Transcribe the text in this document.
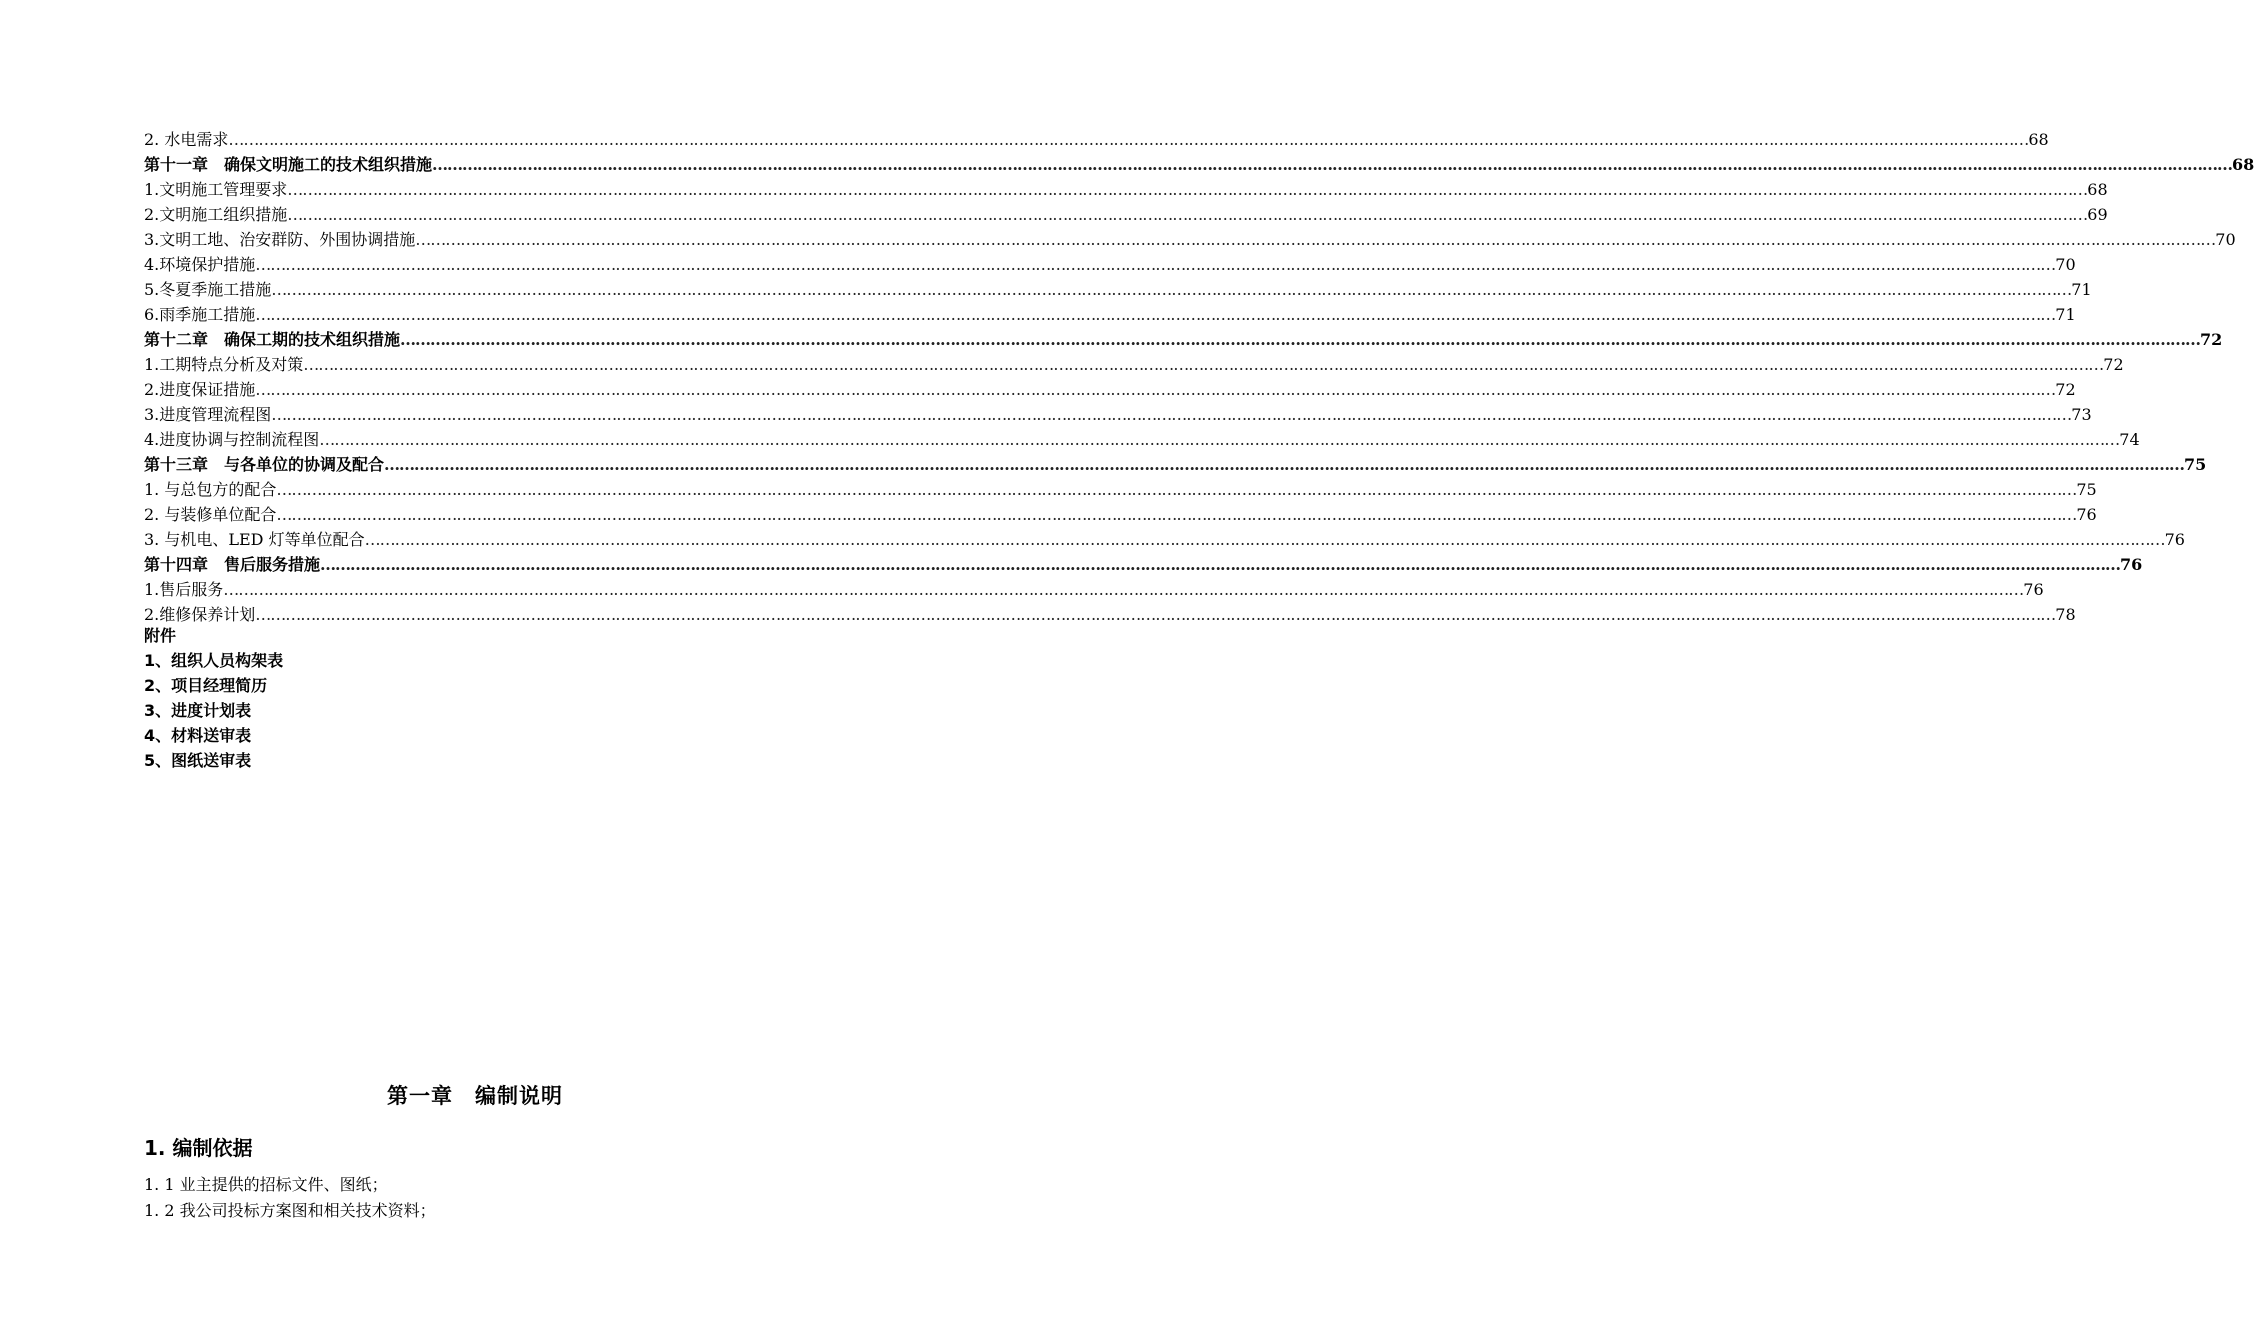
2. 水电需求 ……………………………………………………………………………………………………………………………………………………………………………………………………………………………………………………………………………………………………………………………… 68
第十一章　确保文明施工的技术组织措施 ……………………………………………………………………………………………………………………………………………………………………………………………………………………………………………………………………………………………………………………………… 68
1.文明施工管理要求 ……………………………………………………………………………………………………………………………………………………………………………………………………………………………………………………………………………………………………………………………… 68
2.文明施工组织措施 ……………………………………………………………………………………………………………………………………………………………………………………………………………………………………………………………………………………………………………………………… 69
3.文明工地、治安群防、外围协调措施 ……………………………………………………………………………………………………………………………………………………………………………………………………………………………………………………………………………………………………………………………… 70
4.环境保护措施 ……………………………………………………………………………………………………………………………………………………………………………………………………………………………………………………………………………………………………………………………… 70
5.冬夏季施工措施 ……………………………………………………………………………………………………………………………………………………………………………………………………………………………………………………………………………………………………………………………… 71
6.雨季施工措施 ……………………………………………………………………………………………………………………………………………………………………………………………………………………………………………………………………………………………………………………………… 71
第十二章　确保工期的技术组织措施 ……………………………………………………………………………………………………………………………………………………………………………………………………………………………………………………………………………………………………………………………… 72
1.工期特点分析及对策 ……………………………………………………………………………………………………………………………………………………………………………………………………………………………………………………………………………………………………………………………… 72
2.进度保证措施 ……………………………………………………………………………………………………………………………………………………………………………………………………………………………………………………………………………………………………………………………… 72
3.进度管理流程图 ……………………………………………………………………………………………………………………………………………………………………………………………………………………………………………………………………………………………………………………………… 73
4.进度协调与控制流程图 ……………………………………………………………………………………………………………………………………………………………………………………………………………………………………………………………………………………………………………………………… 74
第十三章　与各单位的协调及配合 ……………………………………………………………………………………………………………………………………………………………………………………………………………………………………………………………………………………………………………………………… 75
1. 与总包方的配合 ……………………………………………………………………………………………………………………………………………………………………………………………………………………………………………………………………………………………………………………………… 75
2. 与装修单位配合 ……………………………………………………………………………………………………………………………………………………………………………………………………………………………………………………………………………………………………………………………… 76
3. 与机电、LED 灯等单位配合 ……………………………………………………………………………………………………………………………………………………………………………………………………………………………………………………………………………………………………………………………… 76
第十四章　售后服务措施 ……………………………………………………………………………………………………………………………………………………………………………………………………………………………………………………………………………………………………………………………… 76
1.售后服务 ……………………………………………………………………………………………………………………………………………………………………………………………………………………………………………………………………………………………………………………………… 76
2.维修保养计划 ……………………………………………………………………………………………………………………………………………………………………………………………………………………………………………………………………………………………………………………………… 78
附件
1、组织人员构架表
2、项目经理简历
3、进度计划表
4、材料送审表
5、图纸送审表
第一章　编制说明
1. 编制依据
1. 1 业主提供的招标文件、图纸；
1. 2 我公司投标方案图和相关技术资料；
